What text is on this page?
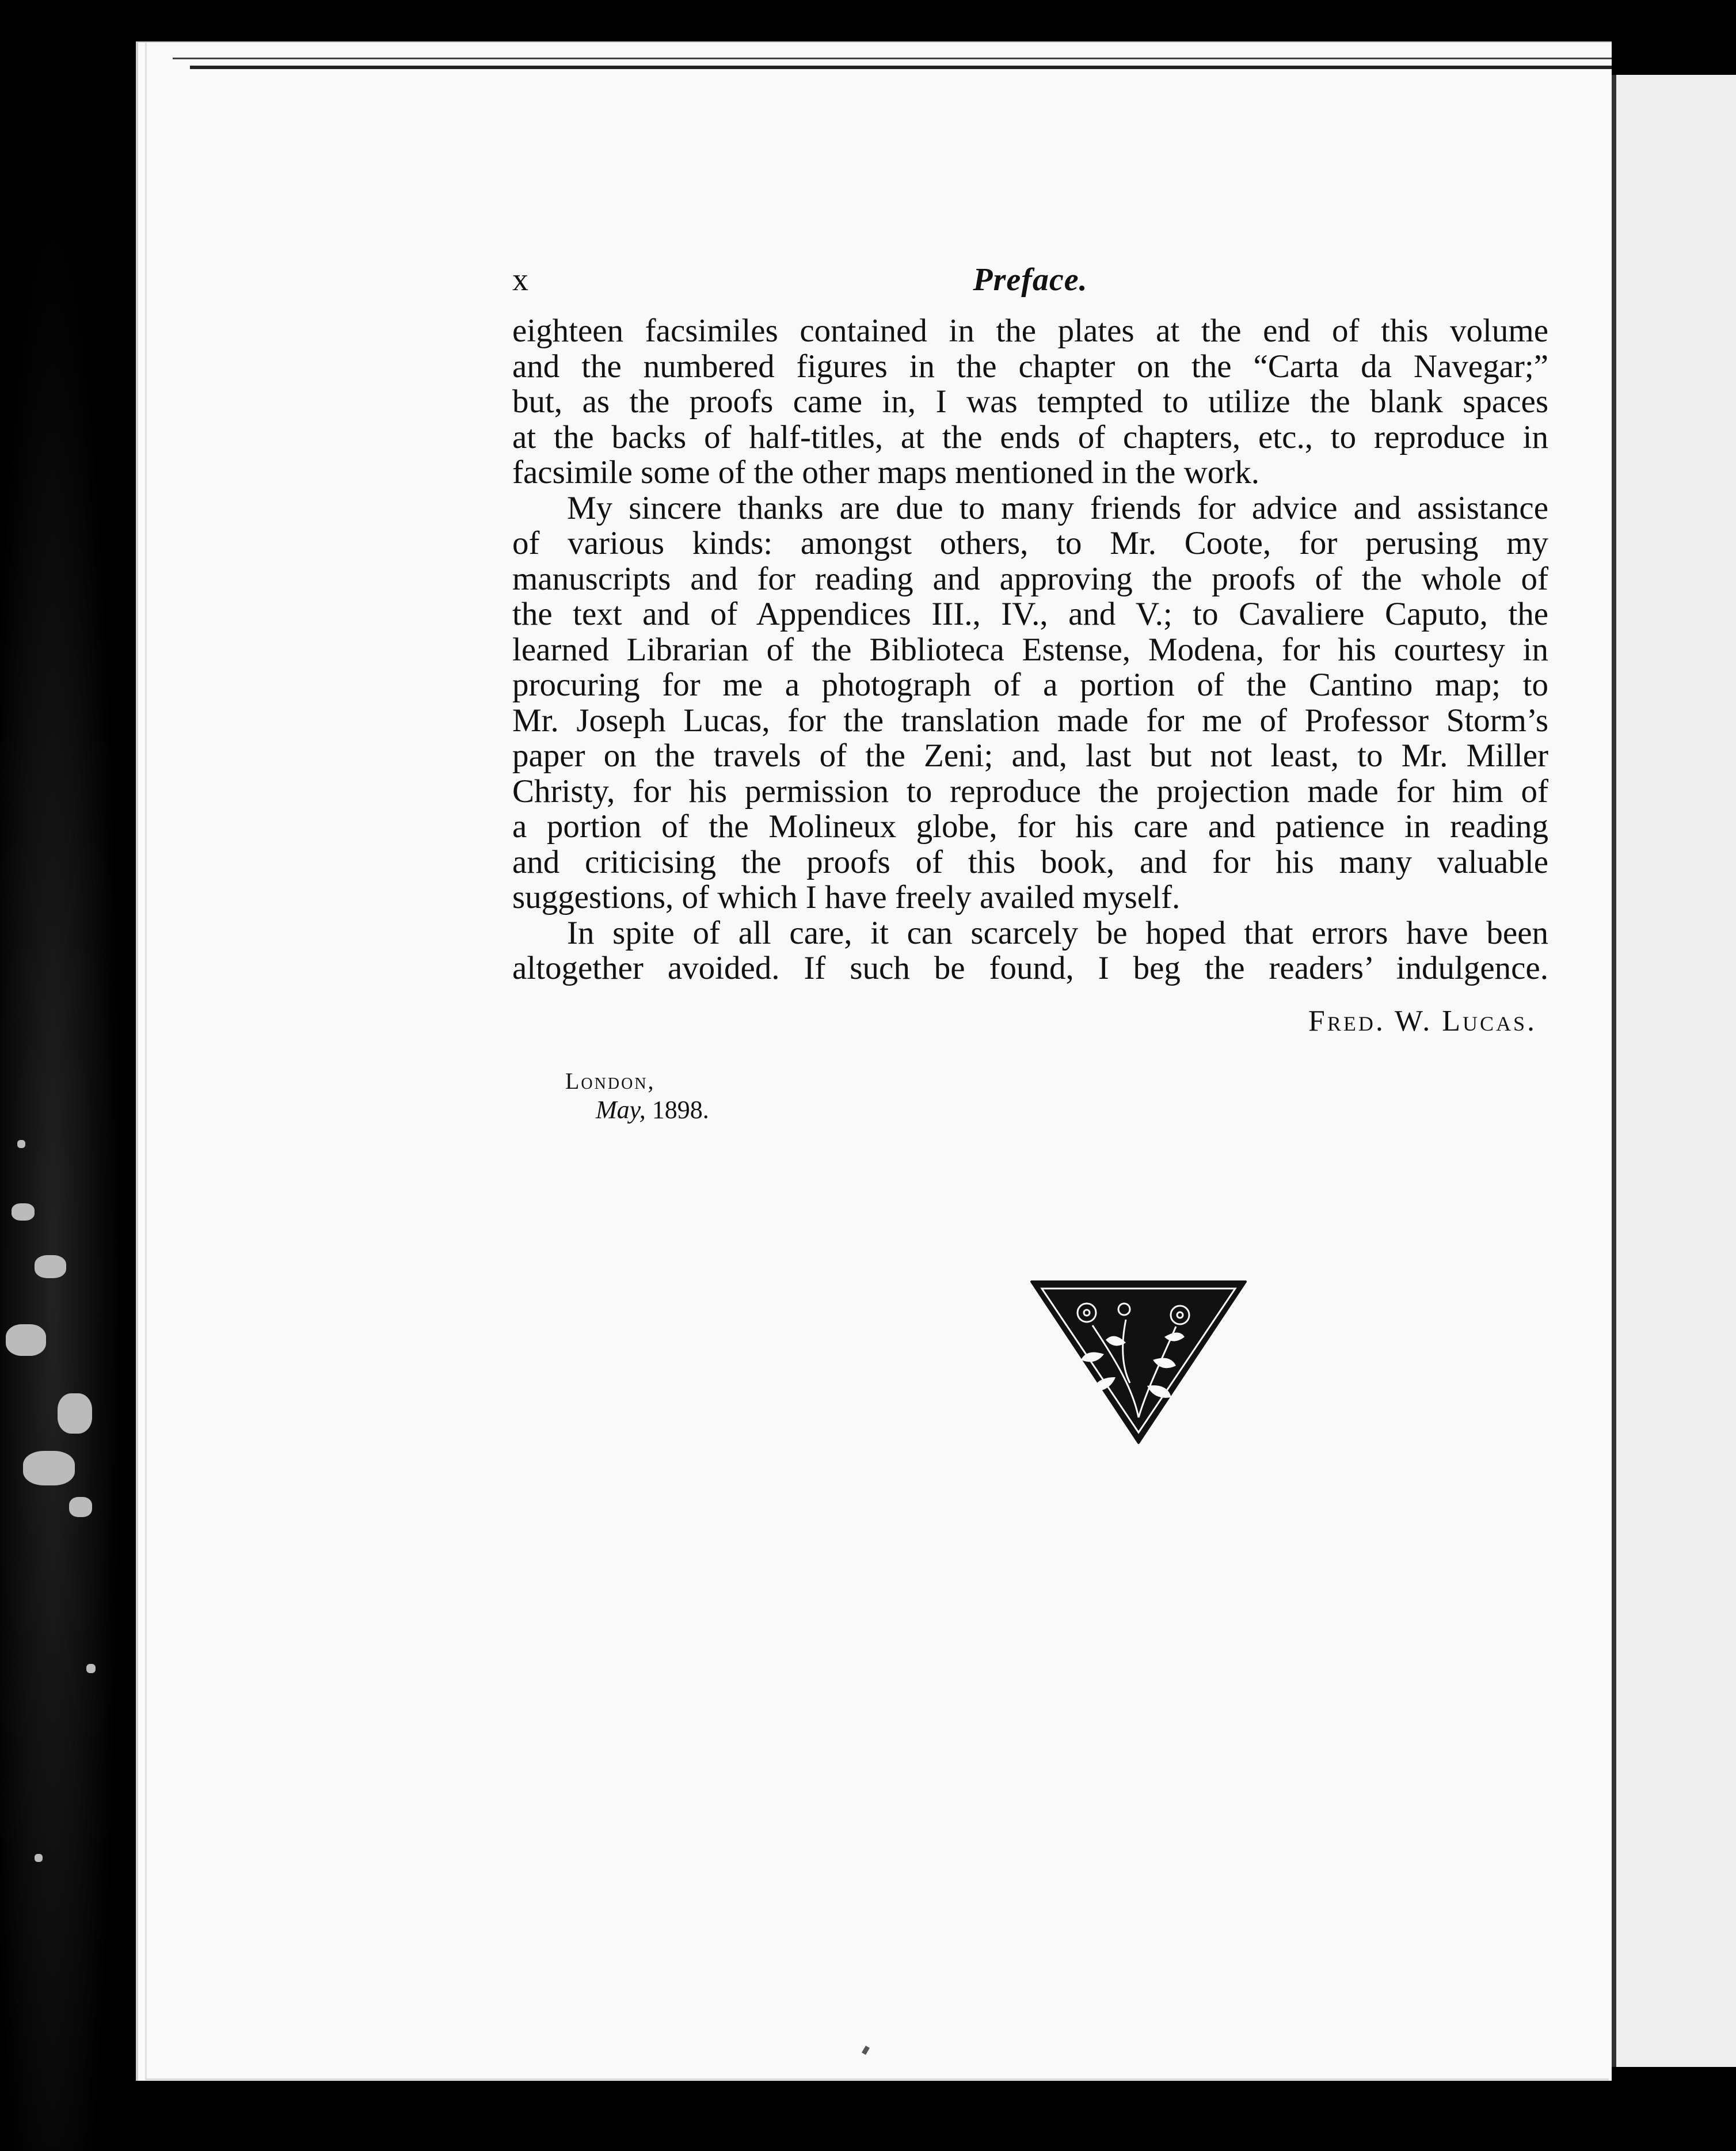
Preface.
x
eighteen facsimiles contained in the plates at the end of this volume
and the numbered figures in the chapter on the “Carta da Navegar;”
but, as the proofs came in, I was tempted to utilize the blank spaces
at the backs of half-titles, at the ends of chapters, etc., to reproduce in
facsimile some of the other maps mentioned in the work.
My sincere thanks are due to many friends for advice and assistance
of various kinds: amongst others, to Mr. Coote, for perusing my
manuscripts and for reading and approving the proofs of the whole of
the text and of Appendices III., IV., and V.; to Cavaliere Caputo, the
learned Librarian of the Biblioteca Estense, Modena, for his courtesy in
procuring for me a photograph of a portion of the Cantino map; to
Mr. Joseph Lucas, for the translation made for me of Professor Storm’s
paper on the travels of the Zeni; and, last but not least, to Mr. Miller
Christy, for his permission to reproduce the projection made for him of
a portion of the Molineux globe, for his care and patience in reading
and criticising the proofs of this book, and for his many valuable
suggestions, of which I have freely availed myself.
In spite of all care, it can scarcely be hoped that errors have been
altogether avoided. If such be found, I beg the readers’ indulgence.
Fred. W. Lucas.
London,
May, 1898.
